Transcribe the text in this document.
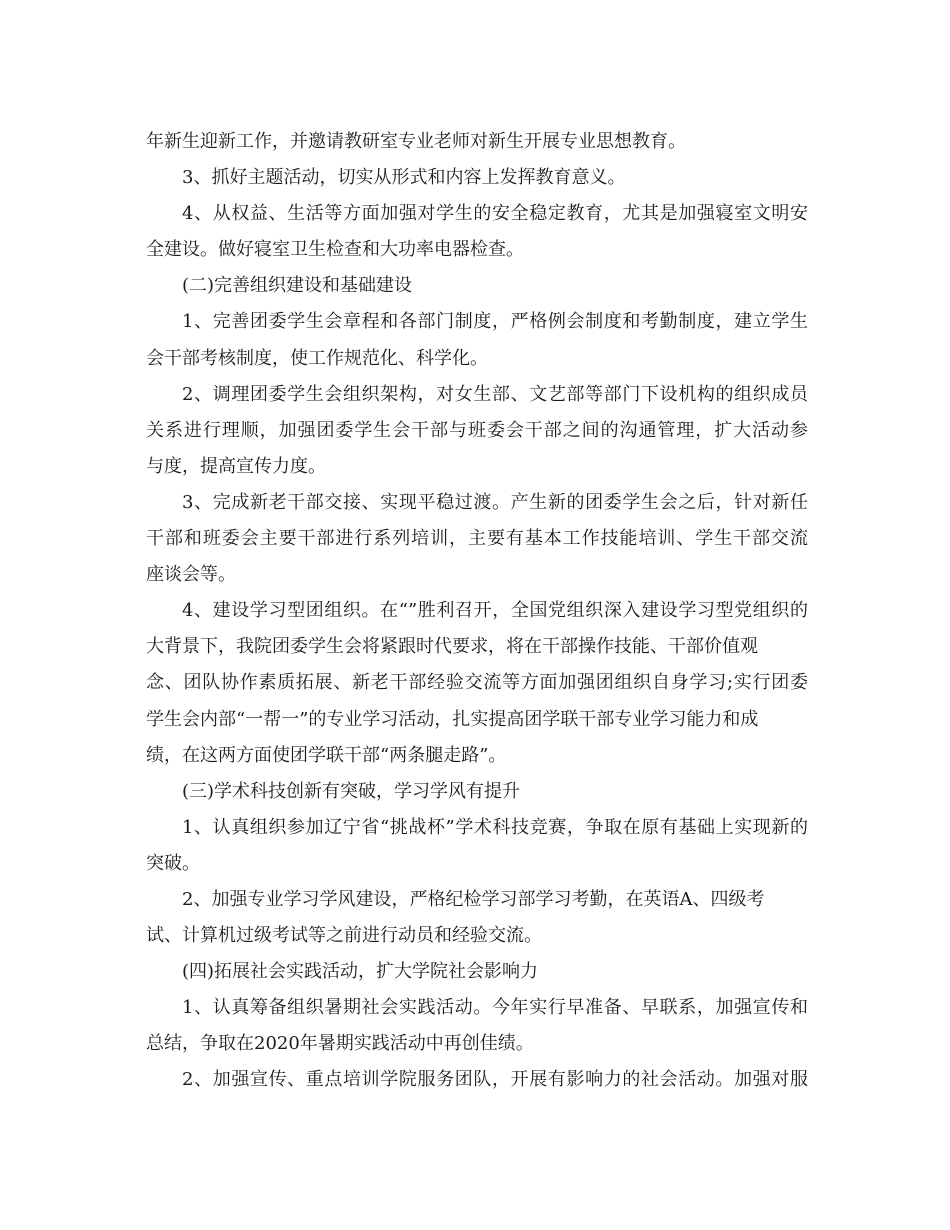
年新生迎新工作，并邀请教研室专业老师对新生开展专业思想教育。
3、抓好主题活动，切实从形式和内容上发挥教育意义。
4、从权益、生活等方面加强对学生的安全稳定教育，尤其是加强寝室文明安
全建设。做好寝室卫生检查和大功率电器检查。
(二)完善组织建设和基础建设
1、完善团委学生会章程和各部门制度，严格例会制度和考勤制度，建立学生
会干部考核制度，使工作规范化、科学化。
2、调理团委学生会组织架构，对女生部、文艺部等部门下设机构的组织成员
关系进行理顺，加强团委学生会干部与班委会干部之间的沟通管理，扩大活动参
与度，提高宣传力度。
3、完成新老干部交接、实现平稳过渡。产生新的团委学生会之后，针对新任
干部和班委会主要干部进行系列培训，主要有基本工作技能培训、学生干部交流
座谈会等。
4、建设学习型团组织。在“”胜利召开，全国党组织深入建设学习型党组织的
大背景下，我院团委学生会将紧跟时代要求，将在干部操作技能、干部价值观
念、团队协作素质拓展、新老干部经验交流等方面加强团组织自身学习;实行团委
学生会内部“一帮一”的专业学习活动，扎实提高团学联干部专业学习能力和成
绩，在这两方面使团学联干部“两条腿走路”。
(三)学术科技创新有突破，学习学风有提升
1、认真组织参加辽宁省“挑战杯”学术科技竞赛，争取在原有基础上实现新的
突破。
2、加强专业学习学风建设，严格纪检学习部学习考勤，在英语A、四级考
试、计算机过级考试等之前进行动员和经验交流。
(四)拓展社会实践活动，扩大学院社会影响力
1、认真筹备组织暑期社会实践活动。今年实行早准备、早联系，加强宣传和
总结，争取在2020年暑期实践活动中再创佳绩。
2、加强宣传、重点培训学院服务团队，开展有影响力的社会活动。加强对服
